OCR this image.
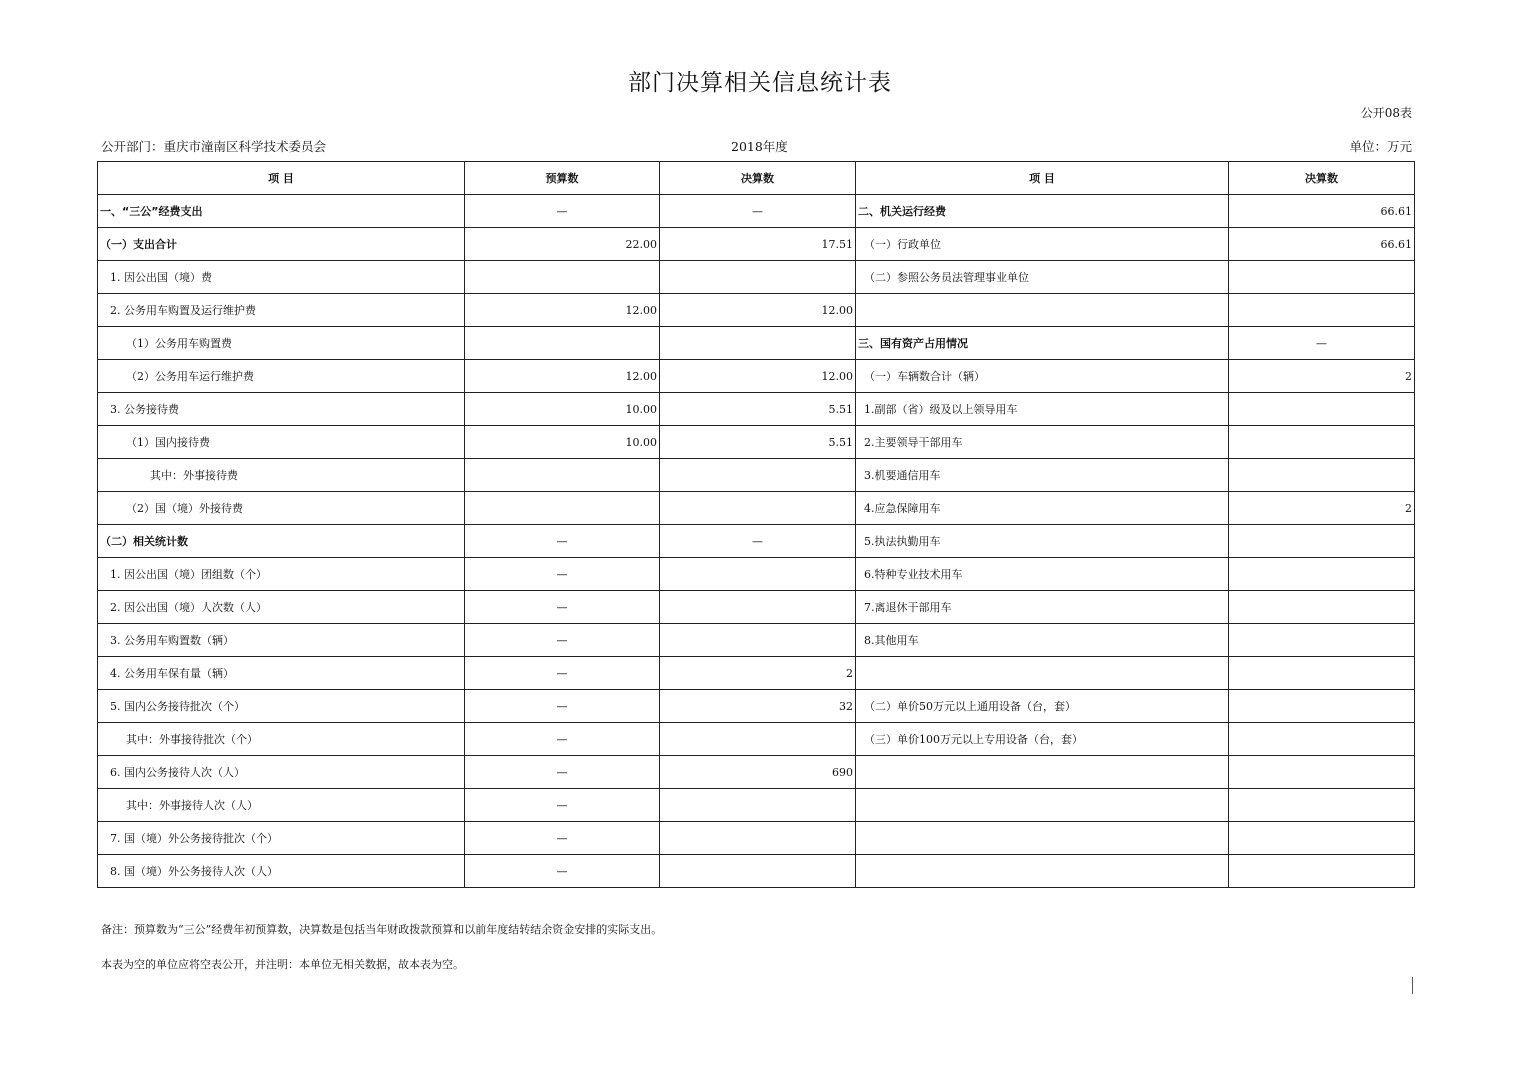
部门决算相关信息统计表
公开08表
公开部门：重庆市潼南区科学技术委员会	2018年度	单位：万元
项 目	预算数	决算数	项 目	决算数
一、“三公”经费支出	—	—	二、机关运行经费	66.61
（一）支出合计	22.00	17.51	（一）行政单位	66.61
1. 因公出国（境）费			（二）参照公务员法管理事业单位	
2. 公务用车购置及运行维护费	12.00	12.00		
（1）公务用车购置费			三、国有资产占用情况	—
（2）公务用车运行维护费	12.00	12.00	（一）车辆数合计（辆）	2
3. 公务接待费	10.00	5.51	1.副部（省）级及以上领导用车	
（1）国内接待费	10.00	5.51	2.主要领导干部用车	
其中：外事接待费			3.机要通信用车	
（2）国（境）外接待费			4.应急保障用车	2
（二）相关统计数	—	—	5.执法执勤用车	
1. 因公出国（境）团组数（个）	—		6.特种专业技术用车	
2. 因公出国（境）人次数（人）	—		7.离退休干部用车	
3. 公务用车购置数（辆）	—		8.其他用车	
4. 公务用车保有量（辆）	—	2		
5. 国内公务接待批次（个）	—	32	（二）单价50万元以上通用设备（台，套）	
其中：外事接待批次（个）	—		（三）单价100万元以上专用设备（台，套）	
6. 国内公务接待人次（人）	—	690		
其中：外事接待人次（人）	—			
7. 国（境）外公务接待批次（个）	—			
8. 国（境）外公务接待人次（人）	—			
备注：预算数为“三公”经费年初预算数，决算数是包括当年财政拨款预算和以前年度结转结余资金安排的实际支出。
本表为空的单位应将空表公开，并注明：本单位无相关数据，故本表为空。
